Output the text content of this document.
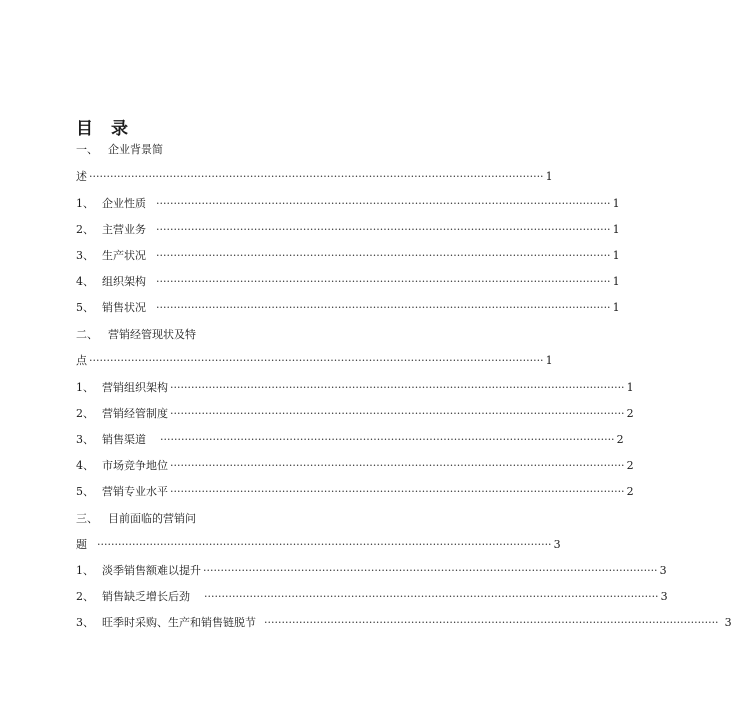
目录
一、 企业背景简
述 ·································································································································· 1
1、 企业性质 ·································································································································· 1
2、 主营业务 ·································································································································· 1
3、 生产状况 ·································································································································· 1
4、 组织架构 ·································································································································· 1
5、 销售状况 ·································································································································· 1
二、 营销经管现状及特
点 ·································································································································· 1
1、 营销组织架构 ·································································································································· 1
2、 营销经管制度 ·································································································································· 2
3、 销售渠道 ·································································································································· 2
4、 市场竞争地位 ·································································································································· 2
5、 营销专业水平 ·································································································································· 2
三、 目前面临的营销问
题 ·································································································································· 3
1、 淡季销售额难以提升 ·································································································································· 3
2、 销售缺乏增长后劲 ·································································································································· 3
3、 旺季时采购、生产和销售链脱节 ·································································································································· 3
